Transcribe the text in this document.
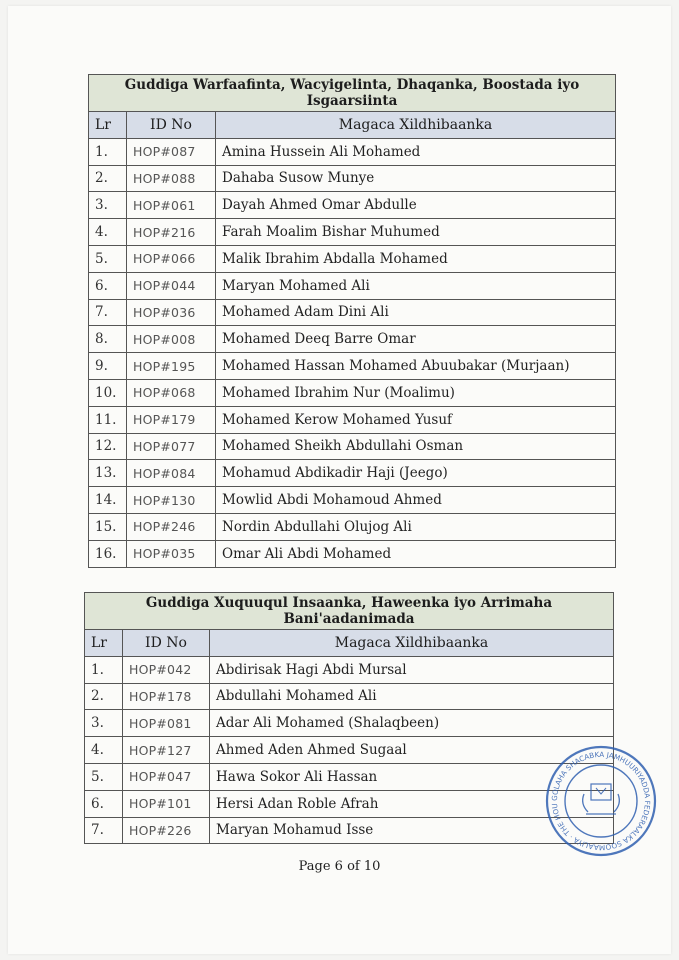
Guddiga Warfaafinta, Wacyigelinta, Dhaqanka, Boostada iyo Isgaarsiinta		
Lr	ID No	Magaca Xildhibaanka
1.	HOP#087	Amina Hussein Ali Mohamed
2.	HOP#088	Dahaba Susow Munye
3.	HOP#061	Dayah Ahmed Omar Abdulle
4.	HOP#216	Farah Moalim Bishar Muhumed
5.	HOP#066	Malik Ibrahim Abdalla Mohamed
6.	HOP#044	Maryan Mohamed Ali
7.	HOP#036	Mohamed Adam Dini Ali
8.	HOP#008	Mohamed Deeq Barre Omar
9.	HOP#195	Mohamed Hassan Mohamed Abuubakar (Murjaan)
10.	HOP#068	Mohamed Ibrahim Nur (Moalimu)
11.	HOP#179	Mohamed Kerow Mohamed Yusuf
12.	HOP#077	Mohamed Sheikh Abdullahi Osman
13.	HOP#084	Mohamud Abdikadir Haji (Jeego)
14.	HOP#130	Mowlid Abdi Mohamoud Ahmed
15.	HOP#246	Nordin Abdullahi Olujog Ali
16.	HOP#035	Omar Ali Abdi Mohamed
Guddiga Xuquuqul Insaanka, Haweenka iyo Arrimaha Bani'aadanimada		
Lr	ID No	Magaca Xildhibaanka
1.	HOP#042	Abdirisak Hagi Abdi Mursal
2.	HOP#178	Abdullahi Mohamed Ali
3.	HOP#081	Adar Ali Mohamed (Shalaqbeen)
4.	HOP#127	Ahmed Aden Ahmed Sugaal
5.	HOP#047	Hawa Sokor Ali Hassan
6.	HOP#101	Hersi Adan Roble Afrah
7.	HOP#226	Maryan Mohamud Isse
GOLAHA SHACABKA JAMHUURIYADDA FEDERAALKA SOOMAALIYA · THE HOU
Page 6 of 10
